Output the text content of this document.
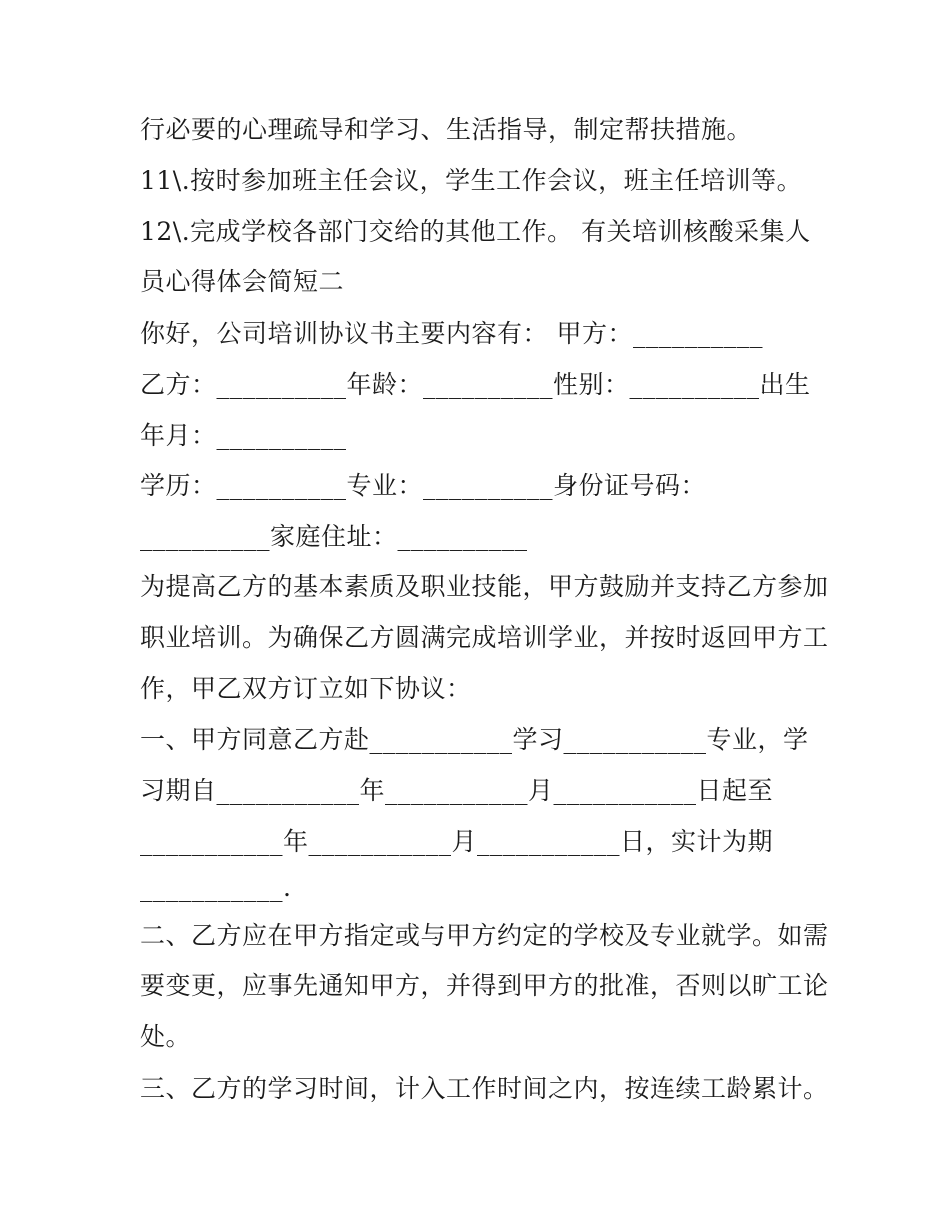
行必要的心理疏导和学习、生活指导，制定帮扶措施。
11\.按时参加班主任会议，学生工作会议，班主任培训等。
12\.完成学校各部门交给的其他工作。 有关培训核酸采集人
员心得体会简短二
你好，公司培训协议书主要内容有： 甲方：__________
乙方：__________年龄：__________性别：__________出生
年月：__________
学历：__________专业：__________身份证号码：
__________家庭住址：__________
为提高乙方的基本素质及职业技能，甲方鼓励并支持乙方参加
职业培训。为确保乙方圆满完成培训学业，并按时返回甲方工
作，甲乙双方订立如下协议：
一、甲方同意乙方赴___________学习___________专业，学
习期自___________年___________月___________日起至
___________年___________月___________日，实计为期
___________.
二、乙方应在甲方指定或与甲方约定的学校及专业就学。如需
要变更，应事先通知甲方，并得到甲方的批准，否则以旷工论
处。
三、乙方的学习时间，计入工作时间之内，按连续工龄累计。
